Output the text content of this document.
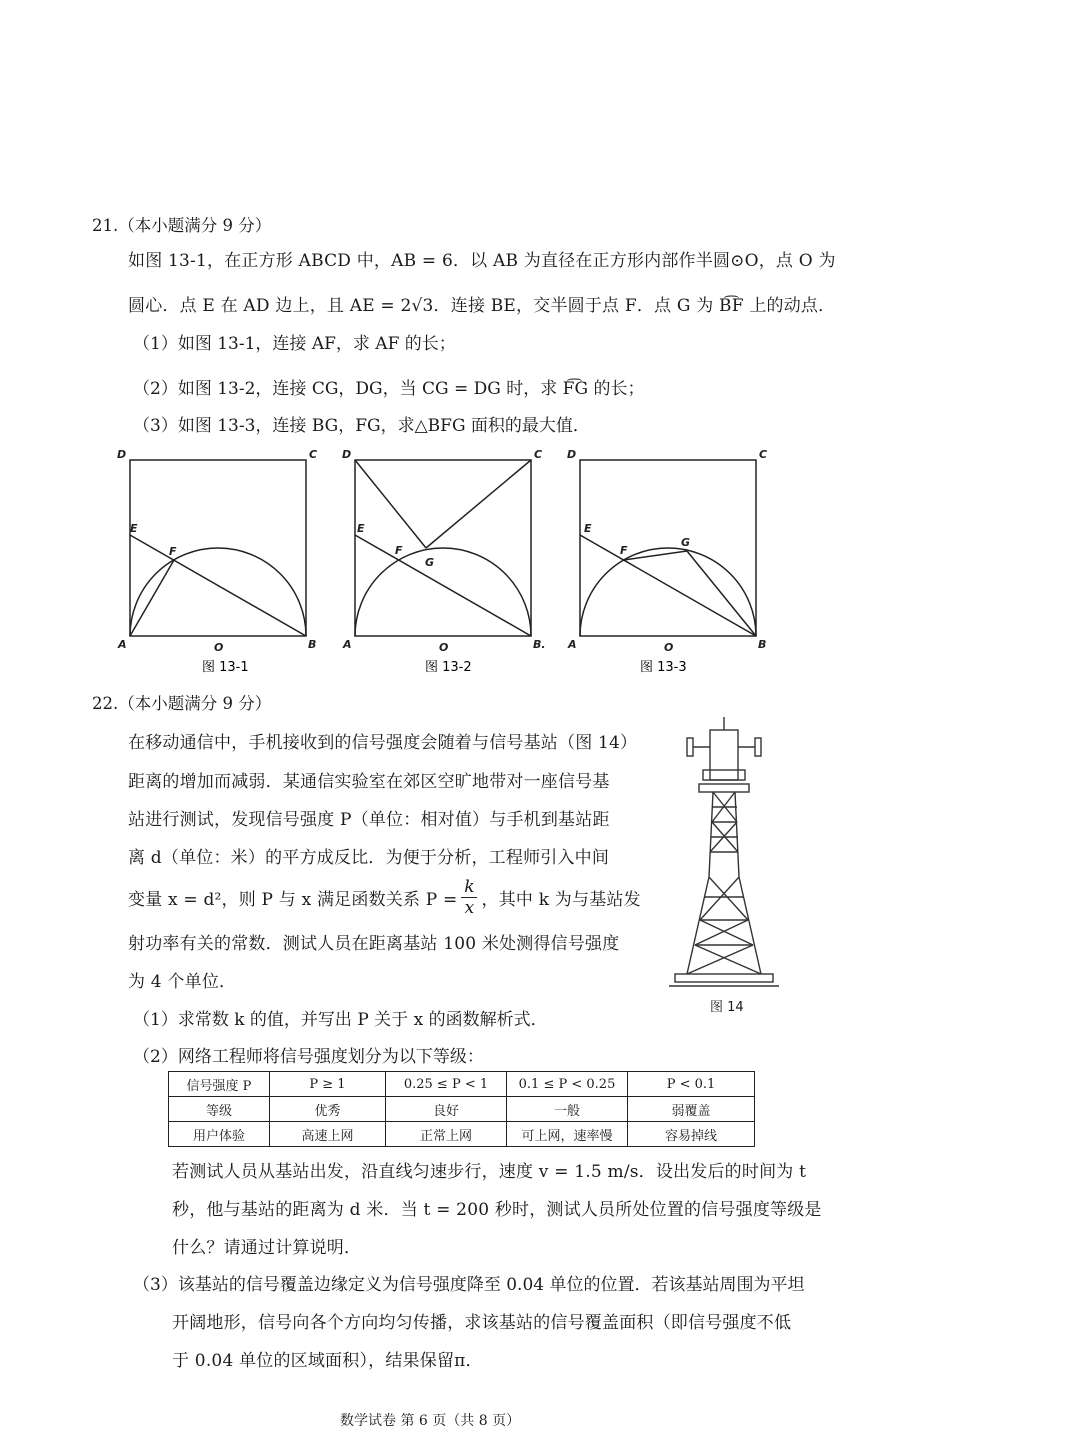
21.（本小题满分 9 分）
如图 13-1，在正方形 ABCD 中，AB = 6．以 AB 为直径在正方形内部作半圆⊙O，点 O 为
圆心．点 E 在 AD 边上，且 AE = 2√3．连接 BE，交半圆于点 F．点 G 为 B͡F 上的动点．
（1）如图 13-1，连接 AF，求 AF 的长；
（2）如图 13-2，连接 CG，DG，当 CG = DG 时，求 F͡G 的长；
（3）如图 13-3，连接 BG，FG，求△BFG 面积的最大值．
D	C
E
F
A	O	B
图 13-1
D	C
E
F
G
A	O	B.
图 13-2
D	C
E
F
G
A	O	B
图 13-3
22.（本小题满分 9 分）
在移动通信中，手机接收到的信号强度会随着与信号基站（图 14）
距离的增加而减弱．某通信实验室在郊区空旷地带对一座信号基
站进行测试，发现信号强度 P（单位：相对值）与手机到基站距
离 d（单位：米）的平方成反比．为便于分析，工程师引入中间
变量 x = d²，则 P 与 x 满足函数关系 P =
k
x ，其中 k 为与基站发
射功率有关的常数．测试人员在距离基站 100 米处测得信号强度
为 4 个单位．
图 14
（1）求常数 k 的值，并写出 P 关于 x 的函数解析式．
（2）网络工程师将信号强度划分为以下等级：
信号强度 P	P ≥ 1	0.25 ≤ P < 1	0.1 ≤ P < 0.25	P < 0.1
等级	优秀	良好	一般	弱覆盖
用户体验	高速上网	正常上网	可上网，速率慢	容易掉线
若测试人员从基站出发，沿直线匀速步行，速度 v = 1.5 m/s．设出发后的时间为 t
秒，他与基站的距离为 d 米．当 t = 200 秒时，测试人员所处位置的信号强度等级是
什么？请通过计算说明．
（3）该基站的信号覆盖边缘定义为信号强度降至 0.04 单位的位置．若该基站周围为平坦
开阔地形，信号向各个方向均匀传播，求该基站的信号覆盖面积（即信号强度不低
于 0.04 单位的区域面积），结果保留π．
数学试卷 第 6 页（共 8 页）
